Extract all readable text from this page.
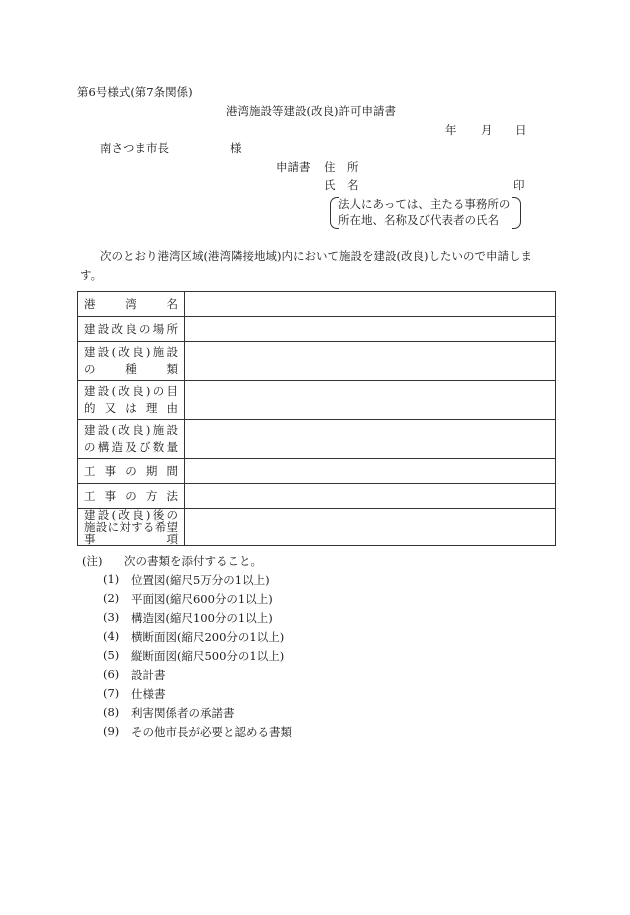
第6号様式(第7条関係)
港湾施設等建設(改良)許可申請書
年 月 日
南さつま市長	様
申請書 住　所
氏　名	印
法人にあっては、主たる事務所の
所在地、名称及び代表者の氏名
次のとおり港湾区域(港湾隣接地域)内において施設を建設(改良)したいので申請しま
す。
港湾名	

建設改良の場所	

建設(改良)施設
の種類	

建設(改良)の目
的又は理由	

建設(改良)施設
の構造及び数量	

工事の期間	

工事の方法	

建設(改良)後の
施設に対する希望
事項	

(注)	次の書類を添付すること。
(1)	位置図(縮尺5万分の1以上)
(2)	平面図(縮尺600分の1以上)
(3)	構造図(縮尺100分の1以上)
(4)	横断面図(縮尺200分の1以上)
(5)	縦断面図(縮尺500分の1以上)
(6)	設計書
(7)	仕様書
(8)	利害関係者の承諾書
(9)	その他市長が必要と認める書類
